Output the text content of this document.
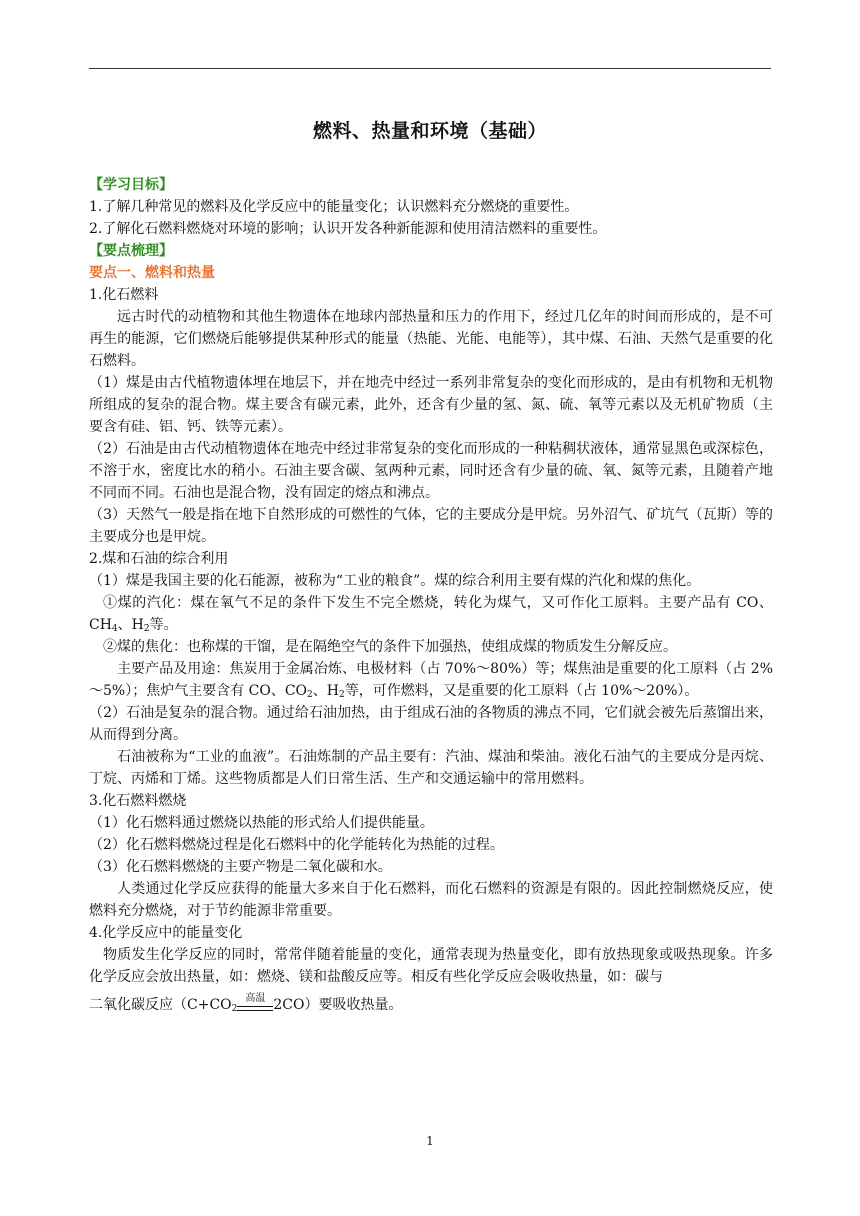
燃料、热量和环境（基础）

【学习目标】

1.了解几种常见的燃料及化学反应中的能量变化；认识燃料充分燃烧的重要性。

2.了解化石燃料燃烧对环境的影响；认识开发各种新能源和使用清洁燃料的重要性。

【要点梳理】

要点一、燃料和热量

1.化石燃料

远古时代的动植物和其他生物遗体在地球内部热量和压力的作用下，经过几亿年的时间而形成的，是不可再生的能源，它们燃烧后能够提供某种形式的能量（热能、光能、电能等），其中煤、石油、天然气是重要的化石燃料。

（1）煤是由古代植物遗体埋在地层下，并在地壳中经过一系列非常复杂的变化而形成的，是由有机物和无机物所组成的复杂的混合物。煤主要含有碳元素，此外，还含有少量的氢、氮、硫、氧等元素以及无机矿物质（主要含有硅、铝、钙、铁等元素）。

（2）石油是由古代动植物遗体在地壳中经过非常复杂的变化而形成的一种粘稠状液体，通常显黑色或深棕色，不溶于水，密度比水的稍小。石油主要含碳、氢两种元素，同时还含有少量的硫、氧、氮等元素，且随着产地不同而不同。石油也是混合物，没有固定的熔点和沸点。

（3）天然气一般是指在地下自然形成的可燃性的气体，它的主要成分是甲烷。另外沼气、矿坑气（瓦斯）等的主要成分也是甲烷。

2.煤和石油的综合利用

（1）煤是我国主要的化石能源，被称为“工业的粮食”。煤的综合利用主要有煤的汽化和煤的焦化。

①煤的汽化：煤在氧气不足的条件下发生不完全燃烧，转化为煤气，又可作化工原料。主要产品有 CO、$CH_4$、$H_2$等。

②煤的焦化：也称煤的干馏，是在隔绝空气的条件下加强热，使组成煤的物质发生分解反应。

主要产品及用途：焦炭用于金属冶炼、电极材料（占 70%～80%）等；煤焦油是重要的化工原料（占 2%～5%）；焦炉气主要含有 CO、$CO_2$、$H_2$等，可作燃料，又是重要的化工原料（占 10%～20%）。

（2）石油是复杂的混合物。通过给石油加热，由于组成石油的各物质的沸点不同，它们就会被先后蒸馏出来，从而得到分离。

石油被称为“工业的血液”。石油炼制的产品主要有：汽油、煤油和柴油。液化石油气的主要成分是丙烷、丁烷、丙烯和丁烯。这些物质都是人们日常生活、生产和交通运输中的常用燃料。

3.化石燃料燃烧

（1）化石燃料通过燃烧以热能的形式给人们提供能量。

（2）化石燃料燃烧过程是化石燃料中的化学能转化为热能的过程。

（3）化石燃料燃烧的主要产物是二氧化碳和水。

人类通过化学反应获得的能量大多来自于化石燃料，而化石燃料的资源是有限的。因此控制燃烧反应，使燃料充分燃烧，对于节约能源非常重要。

4.化学反应中的能量变化

物质发生化学反应的同时，常常伴随着能量的变化，通常表现为热量变化，即有放热现象或吸热现象。许多化学反应会放出热量，如：燃烧、镁和盐酸反应等。相反有些化学反应会吸收热量，如：碳与

二氧化碳反应（$C+CO_2$高温 2CO）要吸收热量。

1
